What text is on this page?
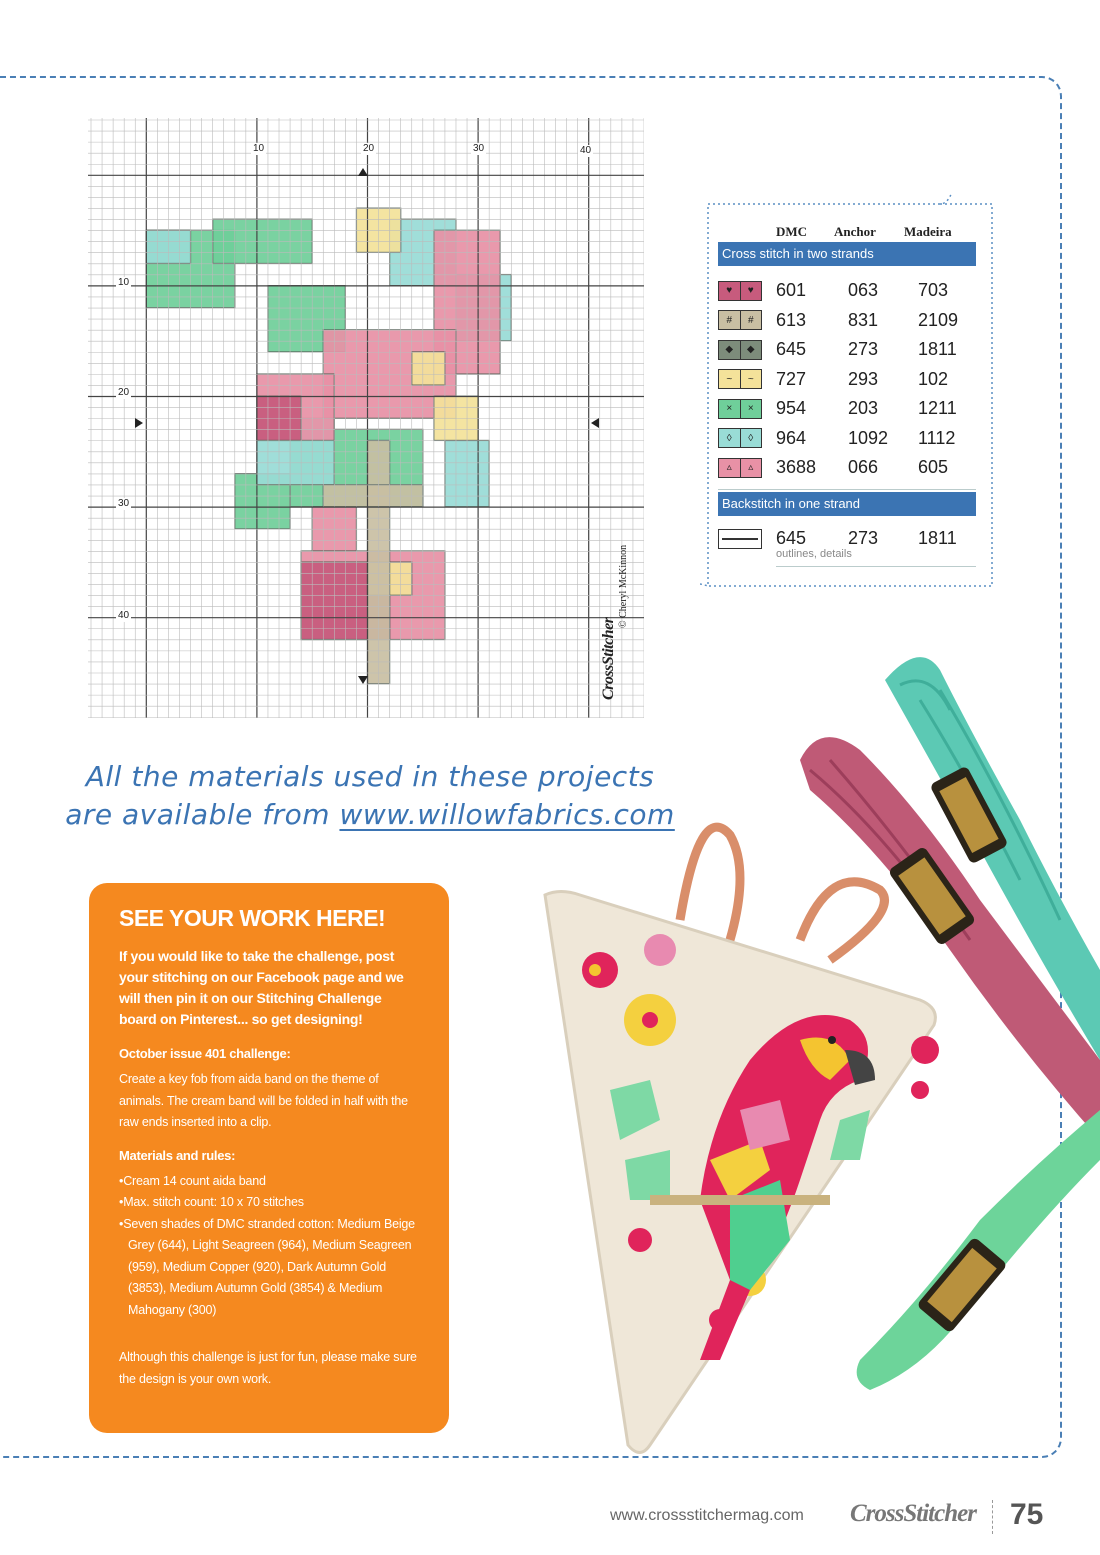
10	20	30	40
10
20
30
40
CrossStitcher
© Cheryl McKinnon
DMC	Anchor	Madeira
Cross stitch in two strands
♥	♥	601	063	703
#	#	613	831	2109
◆	◆	645	273	1811
~	~	727	293	102
×	×	954	203	1211
◊	◊	964	1092	1112
▵	▵	3688	066	605
Backstitch in one strand
645	273	1811
outlines, details
All the materials used in these projects
are available from www.willowfabrics.com
SEE YOUR WORK HERE!

If you would like to take the challenge, post your stitching on our Facebook page and we will then pin it on our Stitching Challenge board on Pinterest... so get designing!

October issue 401 challenge:

Create a key fob from aida band on the theme of animals. The cream band will be folded in half with the raw ends inserted into a clip.

Materials and rules:
• Cream 14 count aida band
• Max. stitch count: 10 x 70 stitches
• Seven shades of DMC stranded cotton: Medium Beige Grey (644), Light Seagreen (964), Medium Seagreen (959), Medium Copper (920), Dark Autumn Gold (3853), Medium Autumn Gold (3854) & Medium Mahogany (300)

Although this challenge is just for fun, please make sure the design is your own work.

www.crossstitchermag.com CrossStitcher 75
